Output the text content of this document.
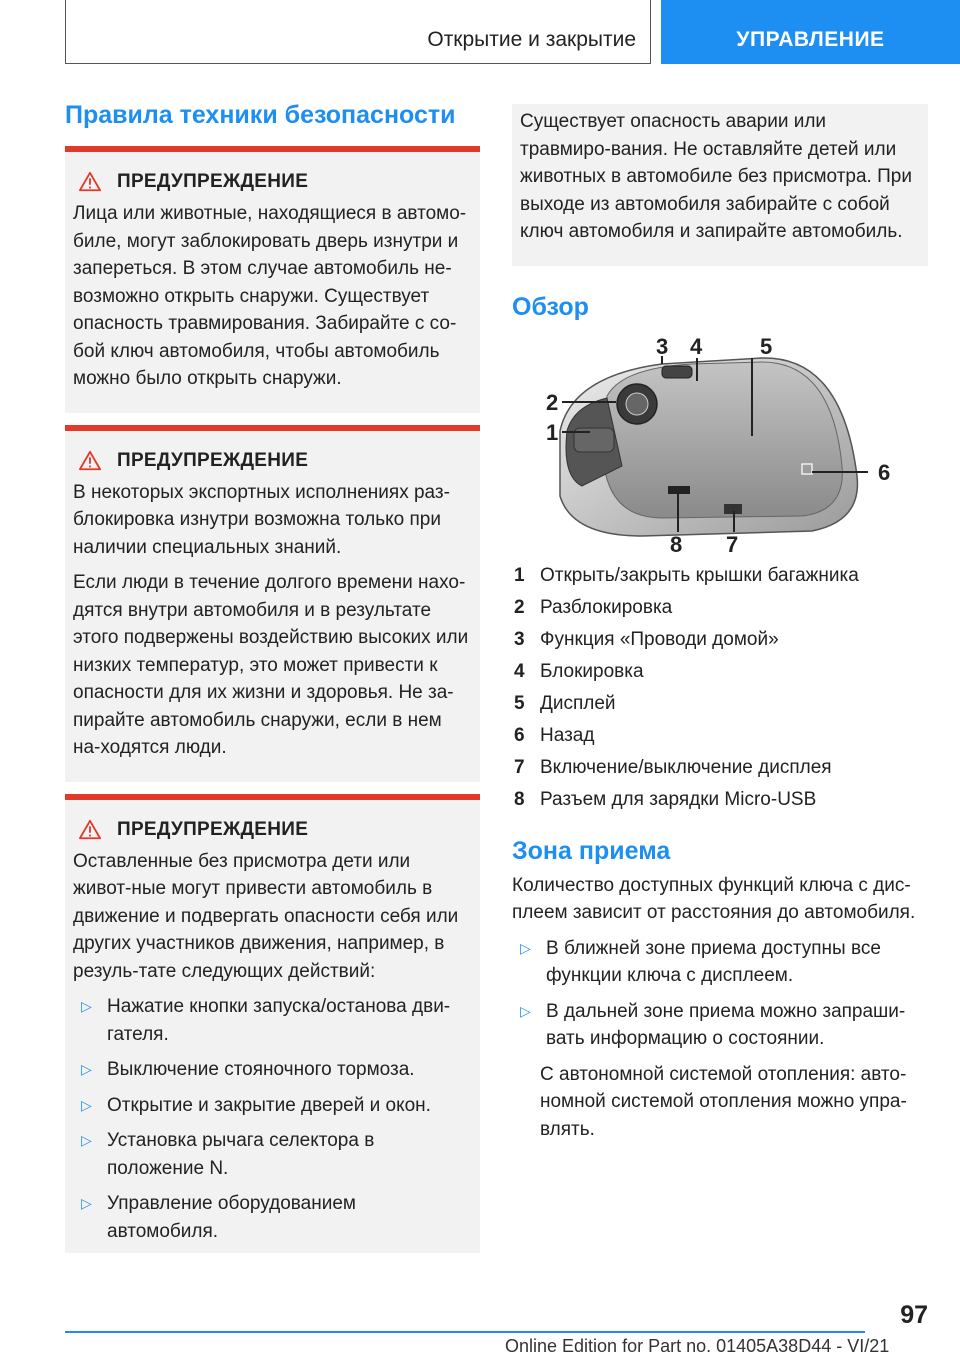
Открытие и закрытие	УПРАВЛЕНИЕ
Правила техники безопасности
ПРЕДУПРЕЖДЕНИЕ

Лица или животные, находящиеся в автомо-биле, могут заблокировать дверь изнутри и запереться. В этом случае автомобиль не-возможно открыть снаружи. Существует опасность травмирования. Забирайте с со-бой ключ автомобиля, чтобы автомобиль можно было открыть снаружи.

ПРЕДУПРЕЖДЕНИЕ

В некоторых экспортных исполнениях раз-блокировка изнутри возможна только при наличии специальных знаний.

Если люди в течение долгого времени нахо-дятся внутри автомобиля и в результате этого подвержены воздействию высоких или низких температур, это может привести к опасности для их жизни и здоровья. Не за-пирайте автомобиль снаружи, если в нем на-ходятся люди.

ПРЕДУПРЕЖДЕНИЕ

Оставленные без присмотра дети или живот-ные могут привести автомобиль в движение и подвергать опасности себя или других участников движения, например, в резуль-тате следующих действий:

▷ Нажатие кнопки запуска/останова дви-гателя.
▷ Выключение стояночного тормоза.
▷ Открытие и закрытие дверей и окон.
▷ Установка рычага селектора в положение N.
▷ Управление оборудованием автомобиля.

Существует опасность аварии или травмиро-вания. Не оставляйте детей или животных в автомобиле без присмотра. При выходе из автомобиля забирайте с собой ключ автомобиля и запирайте автомобиль.

Обзор
3 4	5
2
1
6
8 7
1 Открыть/закрыть крышки багажника
2 Разблокировка
3 Функция «Проводи домой»
4 Блокировка
5 Дисплей
6 Назад
7 Включение/выключение дисплея
8 Разъем для зарядки Micro-USB
Зона приема

Количество доступных функций ключа с дис-плеем зависит от расстояния до автомобиля.

▷ В ближней зоне приема доступны все функции ключа с дисплеем.
▷ В дальней зоне приема можно запраши-вать информацию о состоянии.

С автономной системой отопления: авто-номной системой отопления можно упра-влять.

97
Online Edition for Part no. 01405A38D44 - VI/21
